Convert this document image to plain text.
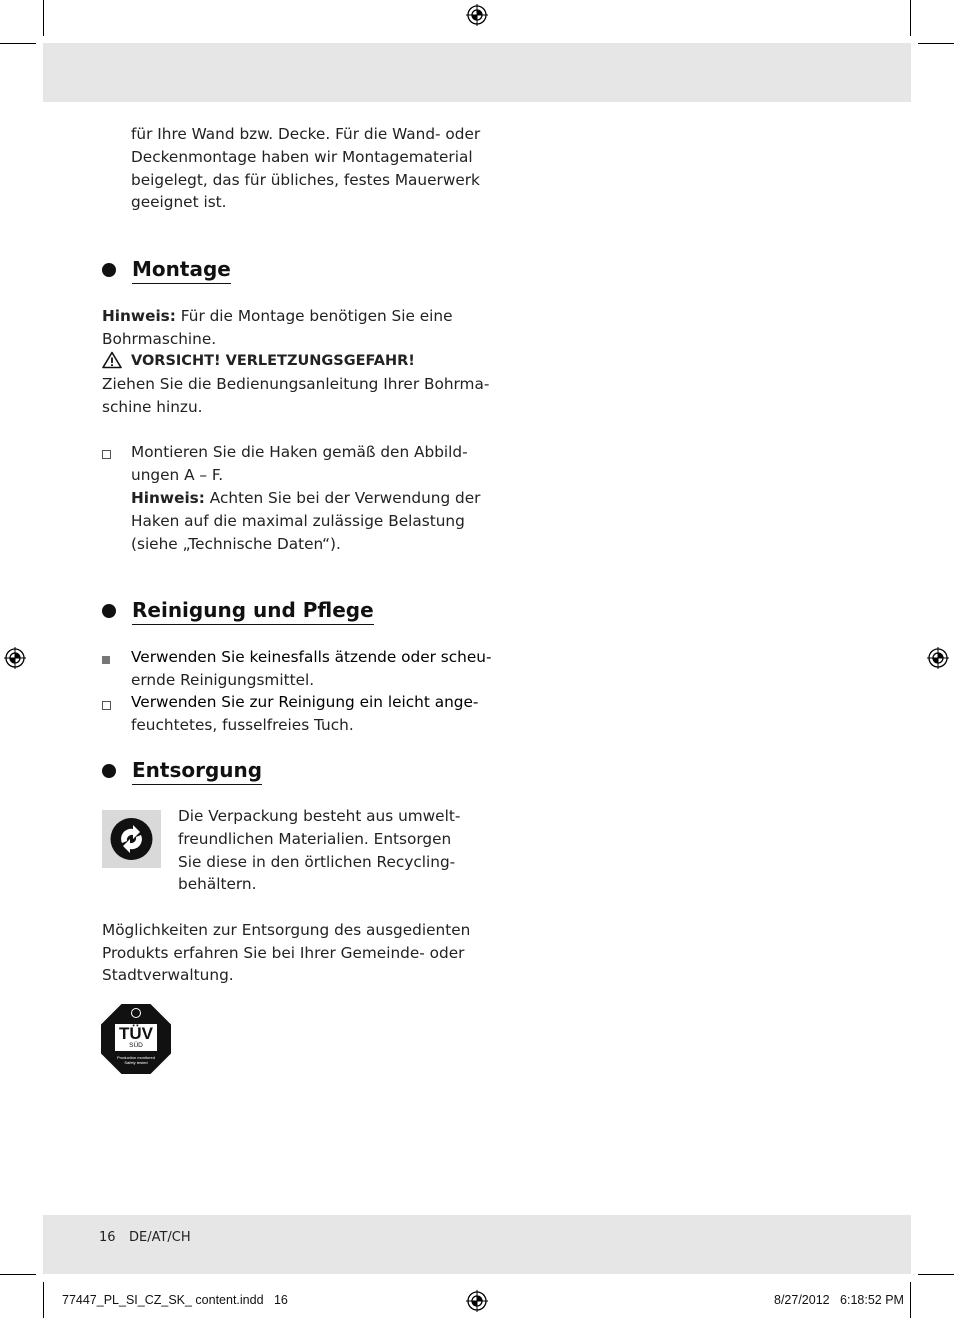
für Ihre Wand bzw. Decke. Für die Wand- oder
Deckenmontage haben wir Montagematerial
beigelegt, das für übliches, festes Mauerwerk
geeignet ist.
Montage
Hinweis: Für die Montage benötigen Sie eine
Bohrmaschine.
VORSICHT! VERLETZUNGSGEFAHR!
Ziehen Sie die Bedienungsanleitung Ihrer Bohrma-
schine hinzu.
Montieren Sie die Haken gemäß den Abbild-
ungen A – F.
Hinweis: Achten Sie bei der Verwendung der
Haken auf die maximal zulässige Belastung
(siehe „Technische Daten“).
Reinigung und Pflege
Verwenden Sie keinesfalls ätzende oder scheu-
ernde Reinigungsmittel.
Verwenden Sie zur Reinigung ein leicht ange-
feuchtetes, fusselfreies Tuch.
Entsorgung
Die Verpackung besteht aus umwelt-
freundlichen Materialien. Entsorgen
Sie diese in den örtlichen Recycling-
behältern.
Möglichkeiten zur Entsorgung des ausgedienten
Produkts erfahren Sie bei Ihrer Gemeinde- oder
Stadtverwaltung.
TÜV
SÜD
Production monitored
Safety tested
16 DE/AT/CH
77447_PL_SI_CZ_SK_ content.indd   16	8/27/2012   6:18:52 PM
